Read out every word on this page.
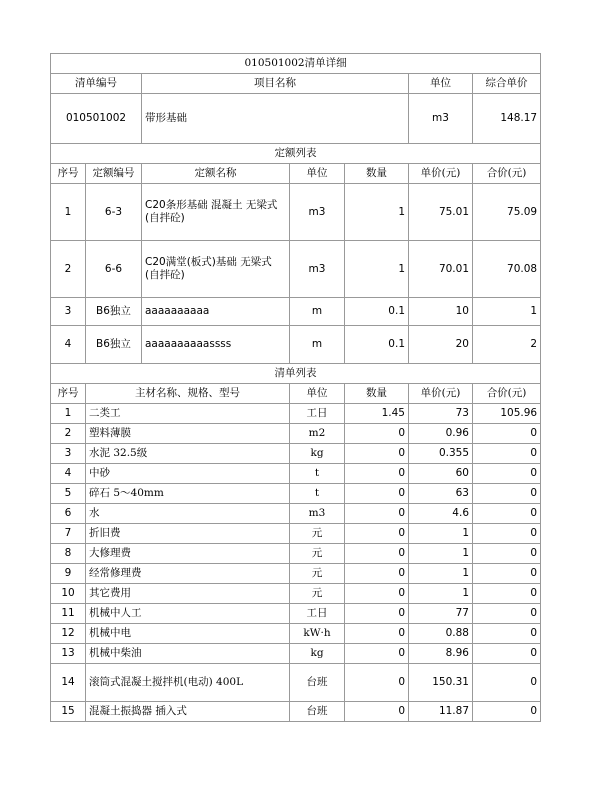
010501002清单详细						
清单编号		项目名称			单位	综合单价
010501002		带形基础			m3	148.17
定额列表						
序号	定额编号	定额名称	单位	数量	单价(元)	合价(元)
1	6-3	C20条形基础 混凝土 无梁式(自拌砼)	m3	1	75.01	75.09
2	6-6	C20满堂(板式)基础 无梁式(自拌砼)	m3	1	70.01	70.08
3	B6独立	aaaaaaaaaa	m	0.1	10	1
4	B6独立	aaaaaaaaaassss	m	0.1	20	2
清单列表						
序号	主材名称、规格、型号		单位	数量	单价(元)	合价(元)
1	二类工		工日	1.45	73	105.96
2	塑料薄膜		m2	0	0.96	0
3	水泥 32.5级		kg	0	0.355	0
4	中砂		t	0	60	0
5	碎石 5～40mm		t	0	63	0
6	水		m3	0	4.6	0
7	折旧费		元	0	1	0
8	大修理费		元	0	1	0
9	经常修理费		元	0	1	0
10	其它费用		元	0	1	0
11	机械中人工		工日	0	77	0
12	机械中电		kW·h	0	0.88	0
13	机械中柴油		kg	0	8.96	0
14	滚筒式混凝土搅拌机(电动) 400L		台班	0	150.31	0
15	混凝土振捣器 插入式		台班	0	11.87	0
